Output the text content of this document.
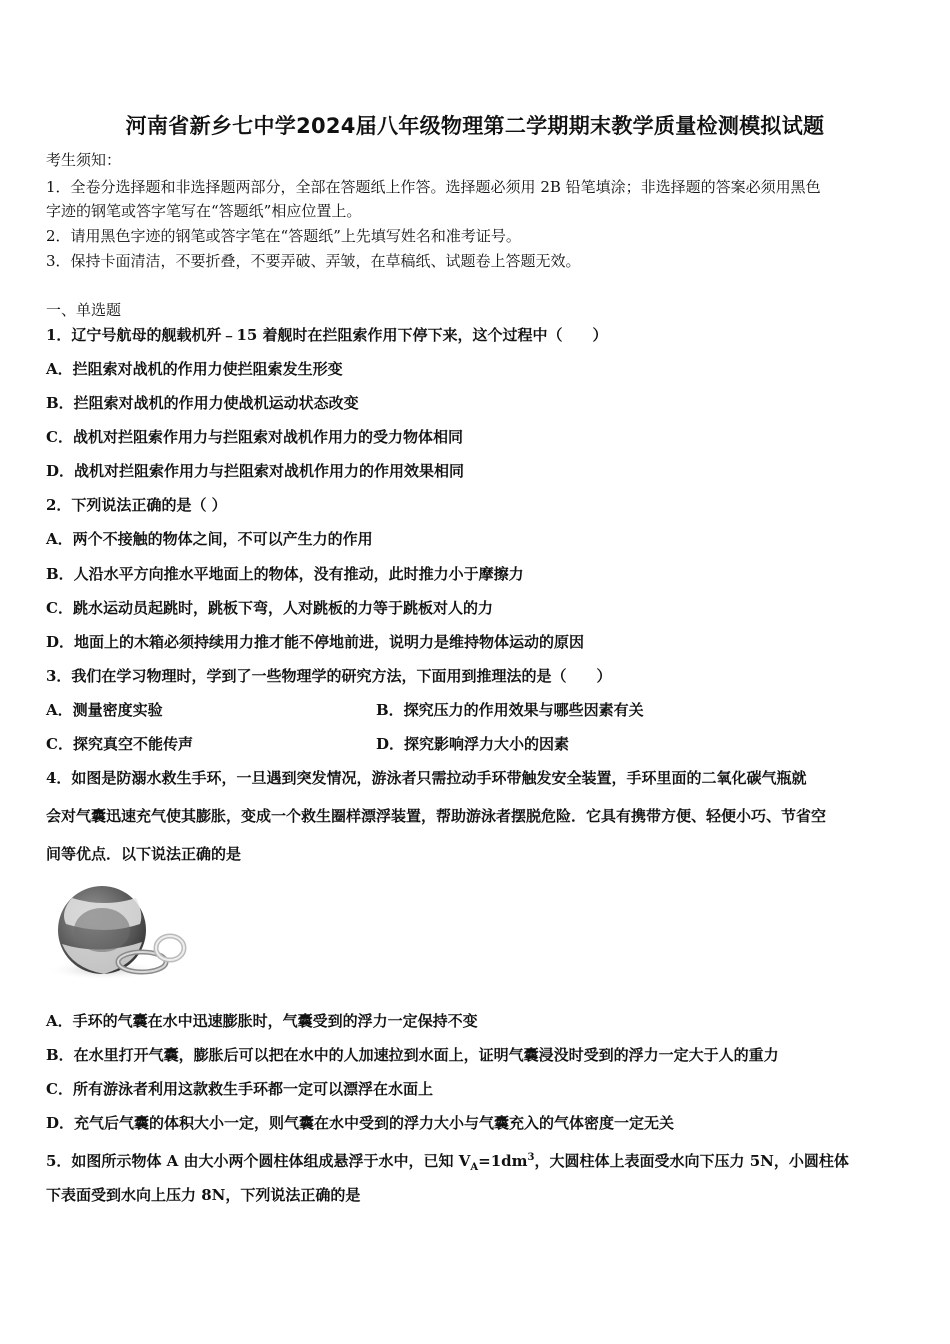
河南省新乡七中学2024届八年级物理第二学期期末教学质量检测模拟试题
考生须知：
1．全卷分选择题和非选择题两部分，全部在答题纸上作答。选择题必须用 2B 铅笔填涂；非选择题的答案必须用黑色
字迹的钢笔或答字笔写在“答题纸”相应位置上。
2．请用黑色字迹的钢笔或答字笔在“答题纸”上先填写姓名和准考证号。
3．保持卡面清洁，不要折叠，不要弄破、弄皱，在草稿纸、试题卷上答题无效。
一、单选题
1．辽宁号航母的舰载机歼﹣15 着舰时在拦阻索作用下停下来，这个过程中（　　）
A．拦阻索对战机的作用力使拦阻索发生形变
B．拦阻索对战机的作用力使战机运动状态改变
C．战机对拦阻索作用力与拦阻索对战机作用力的受力物体相同
D．战机对拦阻索作用力与拦阻索对战机作用力的作用效果相同
2．下列说法正确的是（ ）
A．两个不接触的物体之间，不可以产生力的作用
B．人沿水平方向推水平地面上的物体，没有推动，此时推力小于摩擦力
C．跳水运动员起跳时，跳板下弯，人对跳板的力等于跳板对人的力
D．地面上的木箱必须持续用力推才能不停地前进，说明力是维持物体运动的原因
3．我们在学习物理时，学到了一些物理学的研究方法，下面用到推理法的是（　　）
A．测量密度实验	B．探究压力的作用效果与哪些因素有关
C．探究真空不能传声	D．探究影响浮力大小的因素
4．如图是防溺水救生手环，一旦遇到突发情况，游泳者只需拉动手环带触发安全装置，手环里面的二氧化碳气瓶就
会对气囊迅速充气使其膨胀，变成一个救生圈样漂浮装置，帮助游泳者摆脱危险．它具有携带方便、轻便小巧、节省空
间等优点．以下说法正确的是
A．手环的气囊在水中迅速膨胀时，气囊受到的浮力一定保持不变
B．在水里打开气囊，膨胀后可以把在水中的人加速拉到水面上，证明气囊浸没时受到的浮力一定大于人的重力
C．所有游泳者利用这款救生手环都一定可以漂浮在水面上
D．充气后气囊的体积大小一定，则气囊在水中受到的浮力大小与气囊充入的气体密度一定无关
5．如图所示物体 A 由大小两个圆柱体组成悬浮于水中，已知 $V_A=1dm^3$，大圆柱体上表面受水向下压力 5N，小圆柱体
下表面受到水向上压力 8N，下列说法正确的是
